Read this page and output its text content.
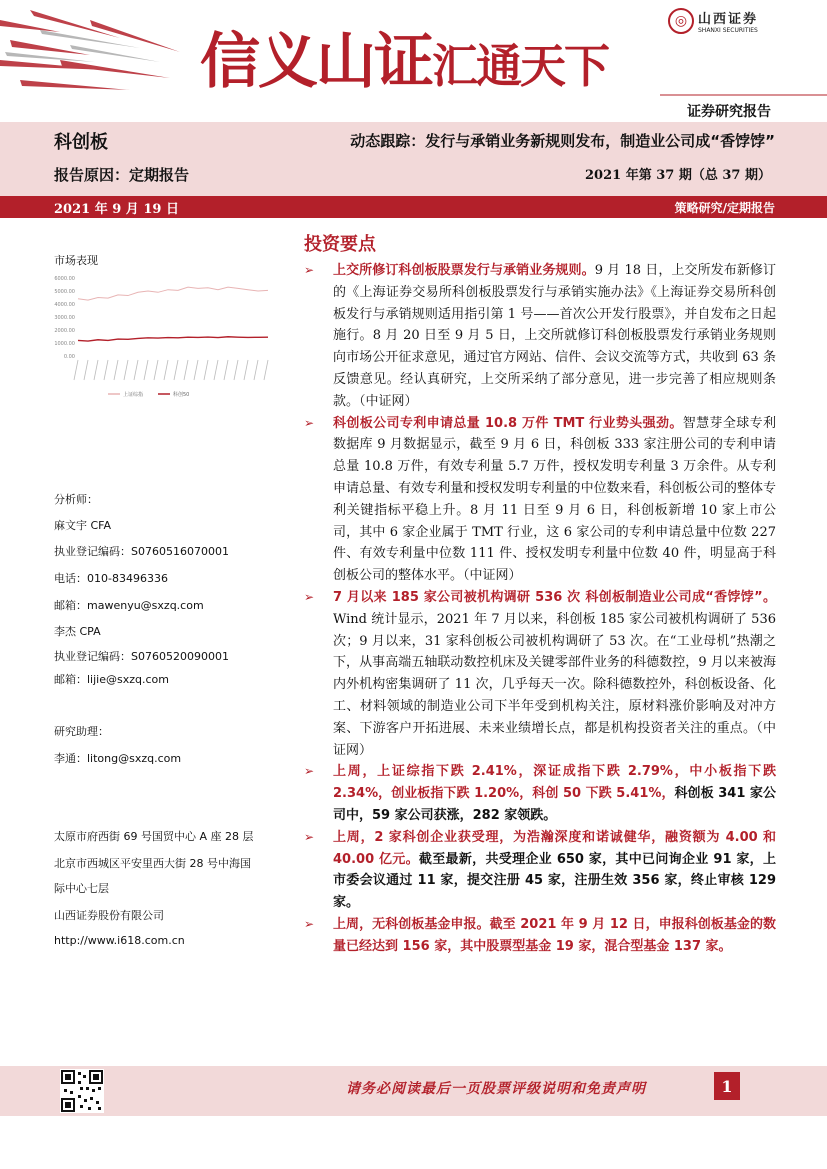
信义山证汇通天下
◎ 山西证券
SHANXI SECURITIES
证券研究报告
科创板	动态跟踪：发行与承销业务新规则发布，制造业公司成“香饽饽”
报告原因：定期报告	2021 年第 37 期（总 37 期）
2021 年 9 月 19 日	策略研究/定期报告
市场表现
6000.00
5000.00
4000.00
3000.00
2000.00
1000.00
0.00
上证综指	科创50
分析师：
麻文宇 CFA
执业登记编码：S0760516070001
电话：010-83496336
邮箱：mawenyu@sxzq.com
李杰 CPA
执业登记编码：S0760520090001
邮箱：lijie@sxzq.com
研究助理：
李通：litong@sxzq.com
太原市府西街 69 号国贸中心 A 座 28 层
北京市西城区平安里西大街 28 号中海国
际中心七层
山西证券股份有限公司
http://www.i618.com.cn
投资要点
➢ 上交所修订科创板股票发行与承销业务规则。9 月 18 日，上交所发布新修订的《上海证券交易所科创板股票发行与承销实施办法》《上海证券交易所科创板发行与承销规则适用指引第 1 号——首次公开发行股票》，并自发布之日起施行。8 月 20 日至 9 月 5 日，上交所就修订科创板股票发行承销业务规则向市场公开征求意见，通过官方网站、信件、会议交流等方式，共收到 63 条反馈意见。经认真研究，上交所采纳了部分意见，进一步完善了相应规则条款。（中证网）
➢ 科创板公司专利申请总量 10.8 万件 TMT 行业势头强劲。智慧芽全球专利数据库 9 月数据显示，截至 9 月 6 日，科创板 333 家注册公司的专利申请总量 10.8 万件，有效专利量 5.7 万件，授权发明专利量 3 万余件。从专利申请总量、有效专利量和授权发明专利量的中位数来看，科创板公司的整体专利关键指标平稳上升。8 月 11 日至 9 月 6 日，科创板新增 10 家上市公司，其中 6 家企业属于 TMT 行业，这 6 家公司的专利申请总量中位数 227 件、有效专利量中位数 111 件、授权发明专利量中位数 40 件，明显高于科创板公司的整体水平。（中证网）
➢ 7 月以来 185 家公司被机构调研 536 次 科创板制造业公司成“香饽饽”。Wind 统计显示，2021 年 7 月以来，科创板 185 家公司被机构调研了 536 次；9 月以来，31 家科创板公司被机构调研了 53 次。在“工业母机”热潮之下，从事高端五轴联动数控机床及关键零部件业务的科德数控，9 月以来被海内外机构密集调研了 11 次，几乎每天一次。除科德数控外，科创板设备、化工、材料领域的制造业公司下半年受到机构关注，原材料涨价影响及对冲方案、下游客户开拓进展、未来业绩增长点，都是机构投资者关注的重点。（中证网）
➢ 上周，上证综指下跌 2.41%，深证成指下跌 2.79%，中小板指下跌 2.34%，创业板指下跌 1.20%，科创 50 下跌 5.41%，科创板 341 家公司中，59 家公司获涨，282 家领跌。
➢ 上周，2 家科创企业获受理，为浩瀚深度和诺诚健华，融资额为 4.00 和 40.00 亿元。截至最新，共受理企业 650 家，其中已问询企业 91 家，上市委会议通过 11 家，提交注册 45 家，注册生效 356 家，终止审核 129 家。
➢ 上周，无科创板基金申报。截至 2021 年 9 月 12 日，申报科创板基金的数量已经达到 156 家，其中股票型基金 19 家，混合型基金 137 家。
请务必阅读最后一页股票评级说明和免责声明	1
